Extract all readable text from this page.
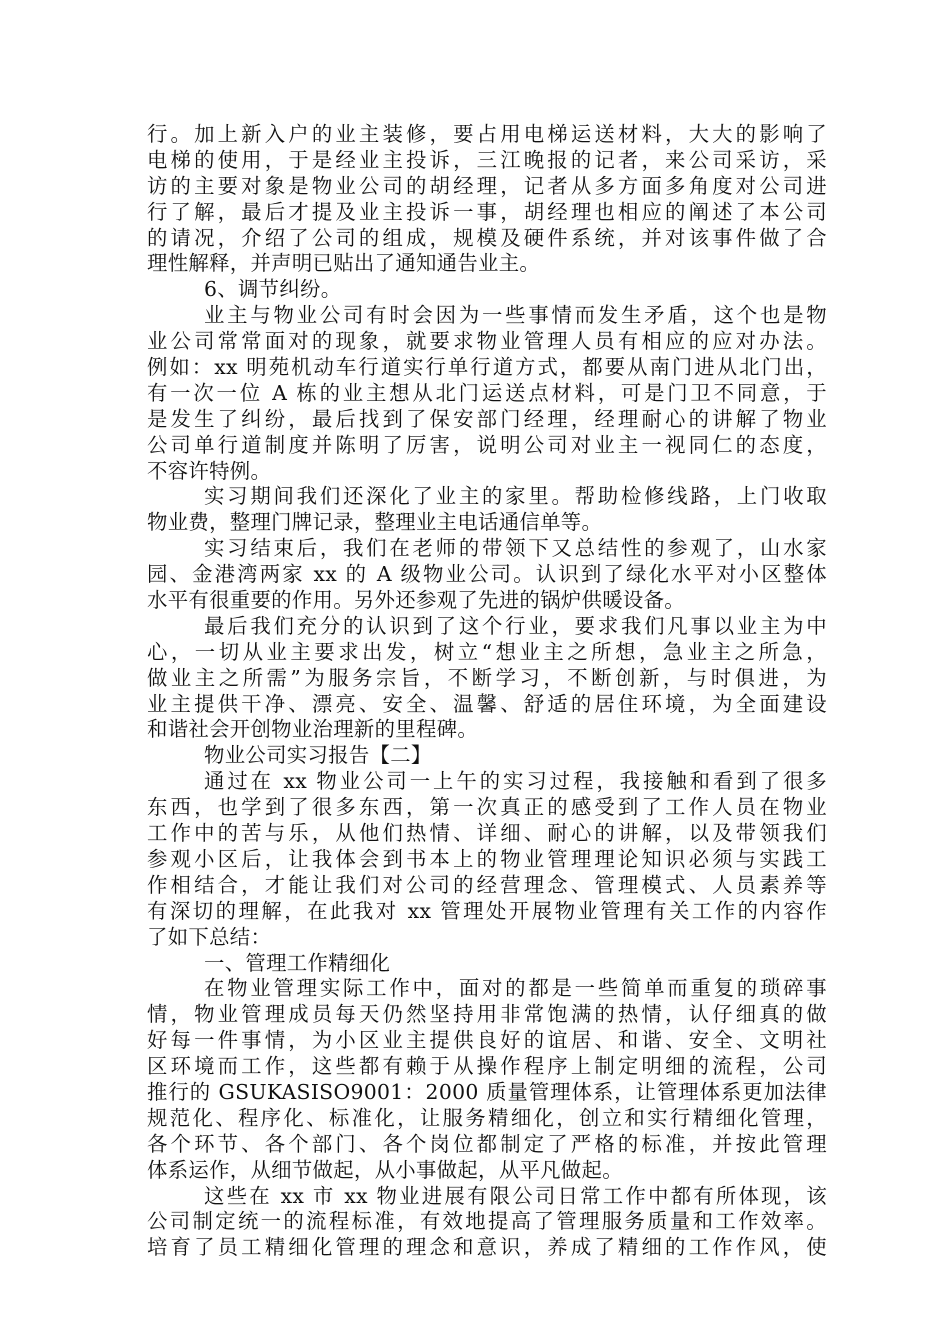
行。加上新入户的业主装修，要占用电梯运送材料，大大的影响了
电梯的使用，于是经业主投诉，三江晚报的记者，来公司采访，采
访的主要对象是物业公司的胡经理，记者从多方面多角度对公司进
行了解，最后才提及业主投诉一事，胡经理也相应的阐述了本公司
的请况，介绍了公司的组成，规模及硬件系统，并对该事件做了合
理性解释，并声明已贴出了通知通告业主。
6、调节纠纷。
业主与物业公司有时会因为一些事情而发生矛盾，这个也是物
业公司常常面对的现象，就要求物业管理人员有相应的应对办法。
例如：xx 明苑机动车行道实行单行道方式，都要从南门进从北门出，
有一次一位 A 栋的业主想从北门运送点材料，可是门卫不同意，于
是发生了纠纷，最后找到了保安部门经理，经理耐心的讲解了物业
公司单行道制度并陈明了厉害，说明公司对业主一视同仁的态度，
不容许特例。
实习期间我们还深化了业主的家里。帮助检修线路，上门收取
物业费，整理门牌记录，整理业主电话通信单等。
实习结束后，我们在老师的带领下又总结性的参观了，山水家
园、金港湾两家 xx 的 A 级物业公司。认识到了绿化水平对小区整体
水平有很重要的作用。另外还参观了先进的锅炉供暖设备。
最后我们充分的认识到了这个行业，要求我们凡事以业主为中
心，一切从业主要求出发，树立“想业主之所想，急业主之所急，
做业主之所需”为服务宗旨，不断学习，不断创新，与时俱进，为
业主提供干净、漂亮、安全、温馨、舒适的居住环境，为全面建设
和谐社会开创物业治理新的里程碑。
物业公司实习报告【二】
通过在 xx 物业公司一上午的实习过程，我接触和看到了很多
东西，也学到了很多东西，第一次真正的感受到了工作人员在物业
工作中的苦与乐，从他们热情、详细、耐心的讲解，以及带领我们
参观小区后，让我体会到书本上的物业管理理论知识必须与实践工
作相结合，才能让我们对公司的经营理念、管理模式、人员素养等
有深切的理解，在此我对 xx 管理处开展物业管理有关工作的内容作
了如下总结：
一、管理工作精细化
在物业管理实际工作中，面对的都是一些简单而重复的琐碎事
情，物业管理成员每天仍然坚持用非常饱满的热情，认仔细真的做
好每一件事情，为小区业主提供良好的谊居、和谐、安全、文明社
区环境而工作，这些都有赖于从操作程序上制定明细的流程，公司
推行的 GSUKASISO9001：2000 质量管理体系，让管理体系更加法律
规范化、程序化、标准化，让服务精细化，创立和实行精细化管理，
各个环节、各个部门、各个岗位都制定了严格的标准，并按此管理
体系运作，从细节做起，从小事做起，从平凡做起。
这些在 xx 市 xx 物业进展有限公司日常工作中都有所体现，该
公司制定统一的流程标准，有效地提高了管理服务质量和工作效率。
培育了员工精细化管理的理念和意识，养成了精细的工作作风，使
